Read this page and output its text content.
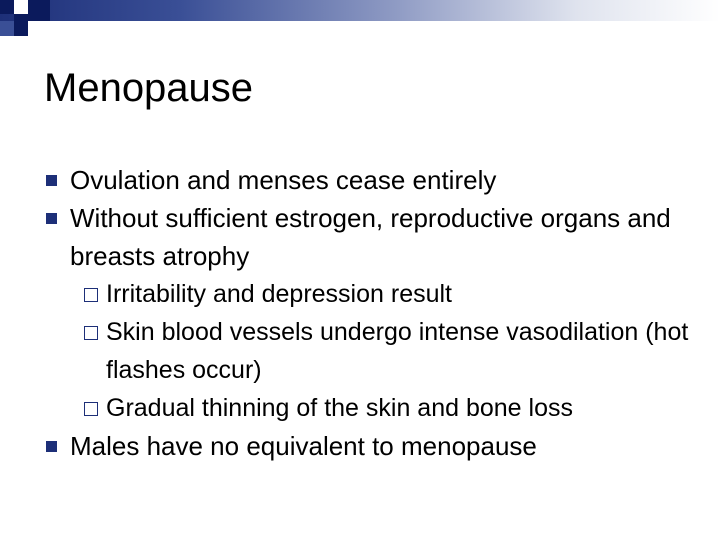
Menopause
Ovulation and menses cease entirely
Without sufficient estrogen, reproductive organs and breasts atrophy
Irritability and depression result
Skin blood vessels undergo intense vasodilation (hot flashes occur)
Gradual thinning of the skin and bone loss
Males have no equivalent to menopause
